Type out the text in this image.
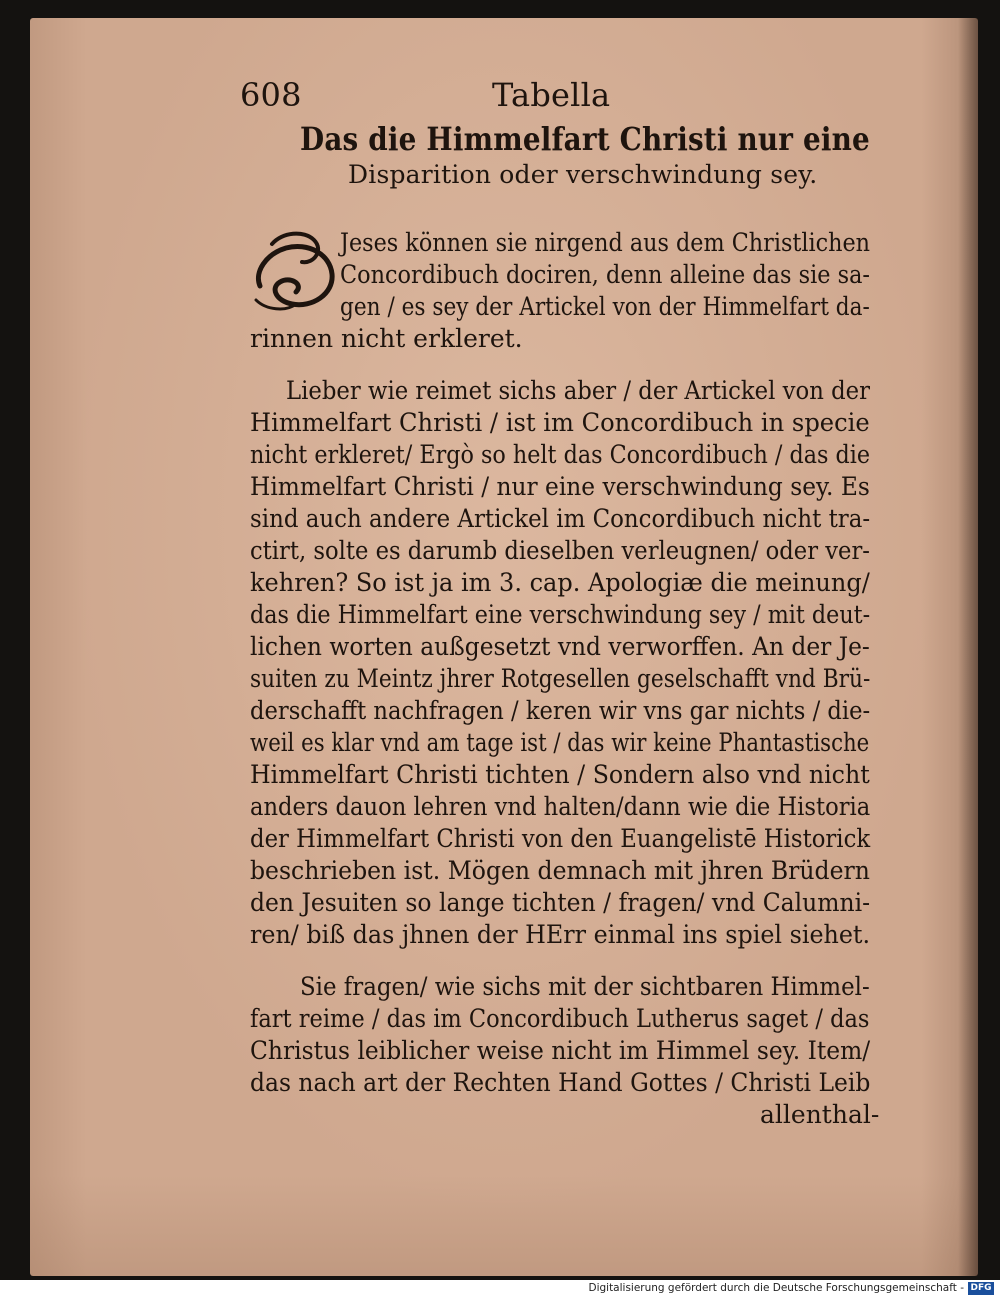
608	Tabella
Das die Himmelfart Christi nur eine
Disparition oder verschwindung sey.
Jeses können sie nirgend aus dem Christlichen
Concordibuch dociren, denn alleine das sie sa-
gen / es sey der Artickel von der Himmelfart da-
rinnen nicht erkleret.
Lieber wie reimet sichs aber / der Artickel von der
Himmelfart Christi / ist im Concordibuch in specie
nicht erkleret/ Ergò so helt das Concordibuch / das die
Himmelfart Christi / nur eine verschwindung sey. Es
sind auch andere Artickel im Concordibuch nicht tra-
ctirt, solte es darumb dieselben verleugnen/ oder ver-
kehren? So ist ja im 3. cap. Apologiæ die meinung/
das die Himmelfart eine verschwindung sey / mit deut-
lichen worten außgesetzt vnd verworffen. An der Je-
suiten zu Meintz jhrer Rotgesellen geselschafft vnd Brü-
derschafft nachfragen / keren wir vns gar nichts / die-
weil es klar vnd am tage ist / das wir keine Phantastische
Himmelfart Christi tichten / Sondern also vnd nicht
anders dauon lehren vnd halten/dann wie die Historia
der Himmelfart Christi von den Euangelistē Historick
beschrieben ist. Mögen demnach mit jhren Brüdern
den Jesuiten so lange tichten / fragen/ vnd Calumni-
ren/ biß das jhnen der HErr einmal ins spiel siehet.
Sie fragen/ wie sichs mit der sichtbaren Himmel-
fart reime / das im Concordibuch Lutherus saget / das
Christus leiblicher weise nicht im Himmel sey. Item/
das nach art der Rechten Hand Gottes / Christi Leib
allenthal-
Digitalisierung gefördert durch die Deutsche Forschungsgemeinschaft - DFG
